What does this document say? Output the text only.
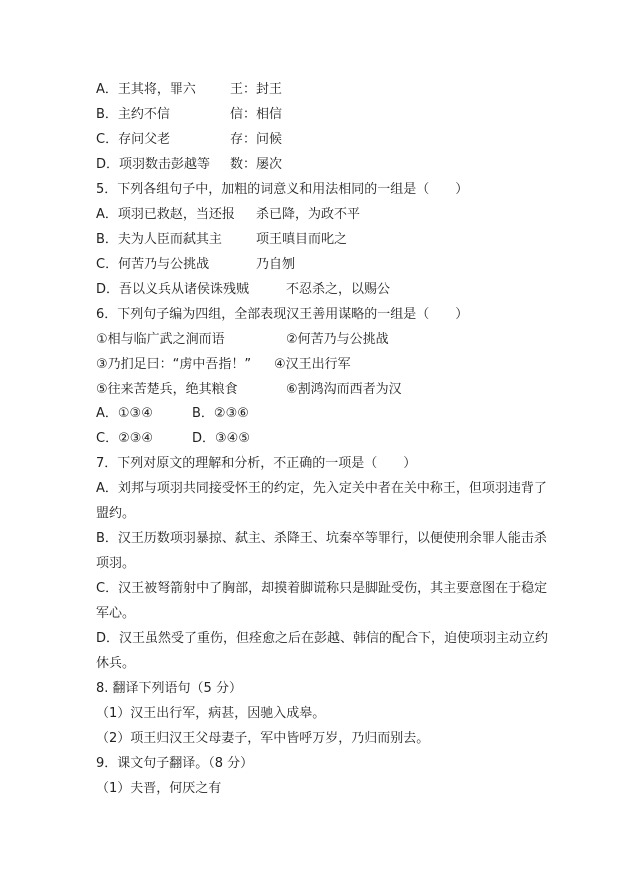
A．王其将，罪六	王：封王
B．主约不信	信：相信
C．存问父老	存：问候
D．项羽数击彭越等 数：屡次
5．下列各组句子中，加粗的词意义和用法相同的一组是（　　）
A．项羽已救赵，当还报 杀已降，为政不平
B．夫为人臣而弑其主	项王嗔目而叱之
C．何苦乃与公挑战	乃自刎
D．吾以义兵从诸侯诛残贼	不忍杀之，以赐公
6．下列句子编为四组，全部表现汉王善用谋略的一组是（　　）
①相与临广武之涧而语	②何苦乃与公挑战
③乃扪足曰：“虏中吾指！” ④汉王出行军
⑤往来苦楚兵，绝其粮食	⑥割鸿沟而西者为汉
A．①③④	B．②③⑥
C．②③④	D．③④⑤
7．下列对原文的理解和分析，不正确的一项是（　　）
A．刘邦与项羽共同接受怀王的约定，先入定关中者在关中称王，但项羽违背了
盟约。
B．汉王历数项羽暴掠、弑主、杀降王、坑秦卒等罪行，以便使刑余罪人能击杀
项羽。
C．汉王被弩箭射中了胸部，却摸着脚谎称只是脚趾受伤，其主要意图在于稳定
军心。
D．汉王虽然受了重伤，但痊愈之后在彭越、韩信的配合下，迫使项羽主动立约
休兵。
8. 翻译下列语句（5 分）
（1）汉王出行军，病甚，因驰入成皋。
（2）项王归汉王父母妻子，军中皆呼万岁，乃归而别去。
9．课文句子翻译。（8 分）
（1）夫晋，何厌之有
